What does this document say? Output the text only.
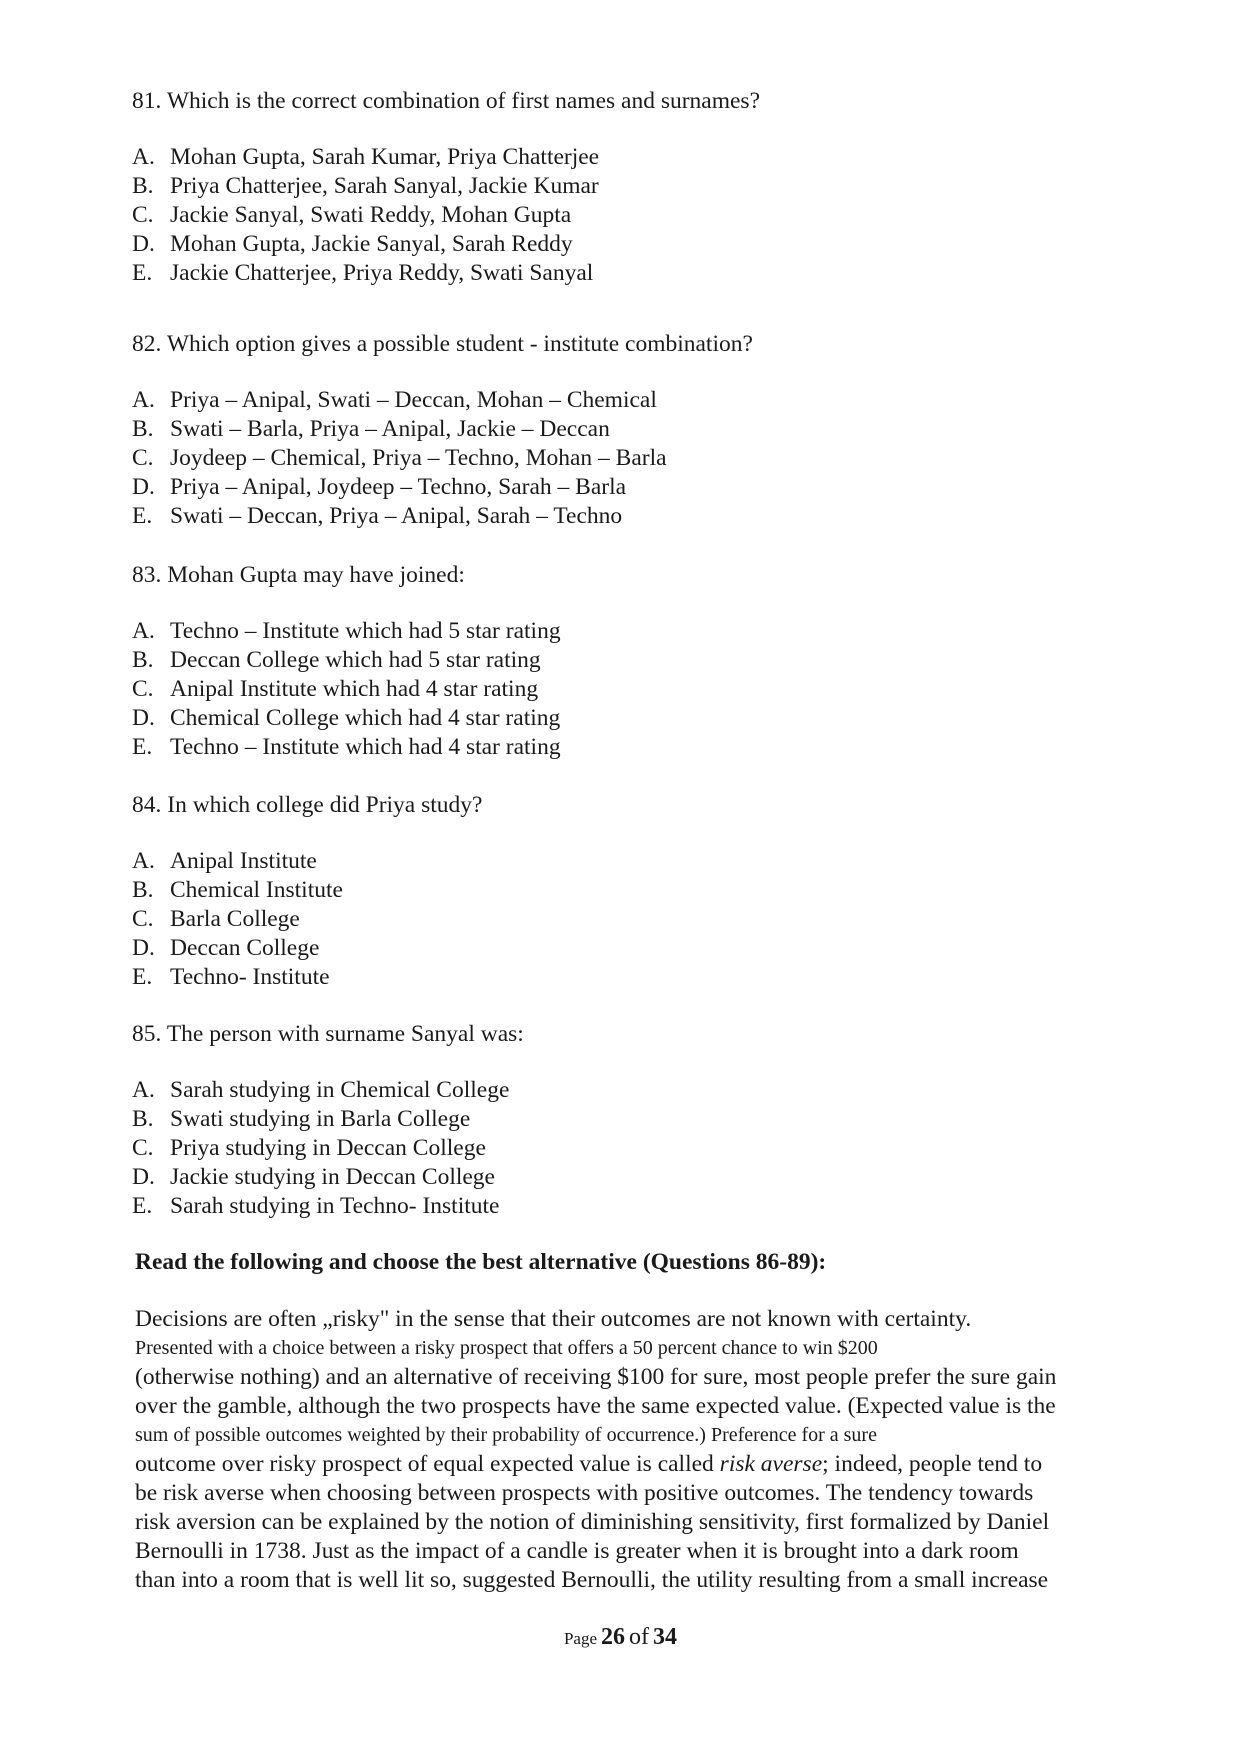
81. Which is the correct combination of first names and surnames?

A. Mohan Gupta, Sarah Kumar, Priya Chatterjee
B. Priya Chatterjee, Sarah Sanyal, Jackie Kumar
C. Jackie Sanyal, Swati Reddy, Mohan Gupta
D. Mohan Gupta, Jackie Sanyal, Sarah Reddy
E. Jackie Chatterjee, Priya Reddy, Swati Sanyal

82. Which option gives a possible student - institute combination?

A. Priya – Anipal, Swati – Deccan, Mohan – Chemical
B. Swati – Barla, Priya – Anipal, Jackie – Deccan
C. Joydeep – Chemical, Priya – Techno, Mohan – Barla
D. Priya – Anipal, Joydeep – Techno, Sarah – Barla
E. Swati – Deccan, Priya – Anipal, Sarah – Techno

83. Mohan Gupta may have joined:

A. Techno – Institute which had 5 star rating
B. Deccan College which had 5 star rating
C. Anipal Institute which had 4 star rating
D. Chemical College which had 4 star rating
E. Techno – Institute which had 4 star rating

84. In which college did Priya study?

A. Anipal Institute
B. Chemical Institute
C. Barla College
D. Deccan College
E. Techno- Institute

85. The person with surname Sanyal was:

A. Sarah studying in Chemical College
B. Swati studying in Barla College
C. Priya studying in Deccan College
D. Jackie studying in Deccan College
E. Sarah studying in Techno- Institute
Read the following and choose the best alternative (Questions 86-89):
Decisions are often „risky" in the sense that their outcomes are not known with certainty.
Presented with a choice between a risky prospect that offers a 50 percent chance to win $200
(otherwise nothing) and an alternative of receiving $100 for sure, most people prefer the sure gain
over the gamble, although the two prospects have the same expected value. (Expected value is the
sum of possible outcomes weighted by their probability of occurrence.) Preference for a sure
outcome over risky prospect of equal expected value is called risk averse; indeed, people tend to
be risk averse when choosing between prospects with positive outcomes. The tendency towards
risk aversion can be explained by the notion of diminishing sensitivity, first formalized by Daniel
Bernoulli in 1738. Just as the impact of a candle is greater when it is brought into a dark room
than into a room that is well lit so, suggested Bernoulli, the utility resulting from a small increase
Page 26 of 34
